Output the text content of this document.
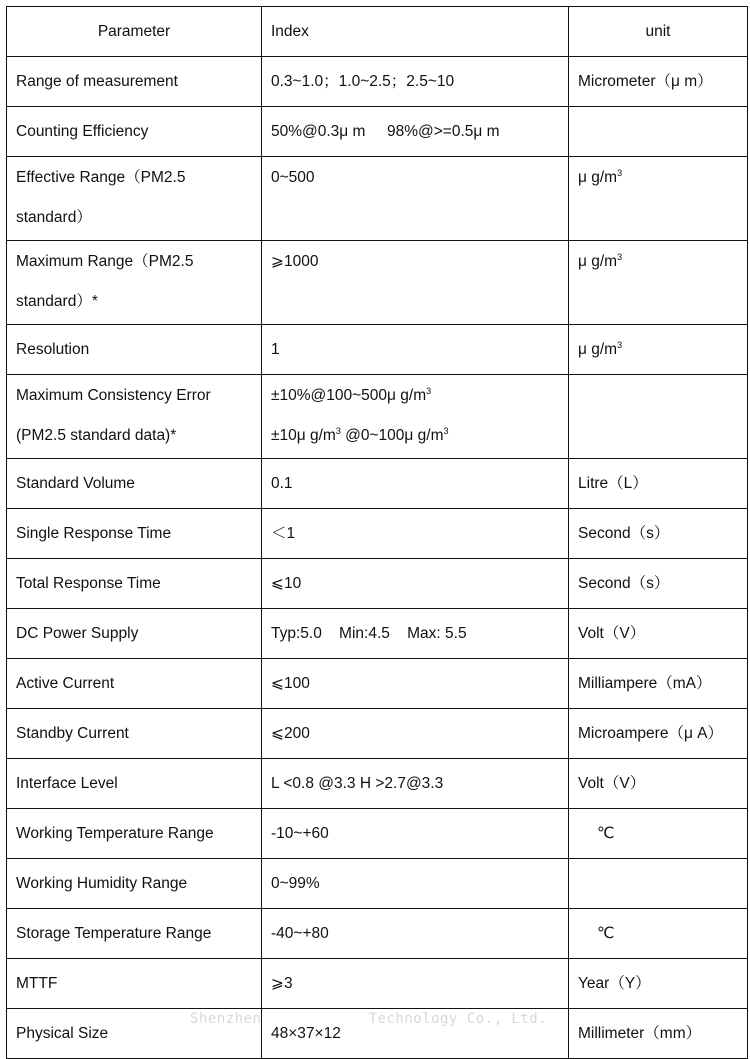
Parameter	Index	unit
Range of measurement	0.3~1.0；1.0~2.5；2.5~10	Micrometer（μ m）
Counting Efficiency	50%@0.3μ m     98%@>=0.5μ m	

Effective Range（PM2.5
standard）	0~500	μ $g/m^3$

Maximum Range（PM2.5
standard）*	⩾1000	μ $g/m^3$
Resolution	1	μ $g/m^3$

Maximum Consistency Error
(PM2.5 standard data)*	±10%@100~500μ $g/m^3$
±10μ $g/m^3$ @0~100μ $g/m^3$

Standard Volume	0.1	Litre（L）
Single Response Time	＜1	Second（s）
Total Response Time	⩽10	Second（s）
DC Power Supply	Typ:5.0    Min:4.5    Max: 5.5	Volt（V）
Active Current	⩽100	Milliampere（mA）
Standby Current	⩽200	Microampere（μ A）
Interface Level	L <0.8 @3.3 H >2.7@3.3	Volt（V）
Working Temperature Range	-10~+60	℃
Working Humidity Range	0~99%	
Storage Temperature Range	-40~+80	℃
MTTF	⩾3	Year（Y）
Physical Size	48×37×12	Millimeter（mm）
Shenzhen            Technology Co., Ltd.
